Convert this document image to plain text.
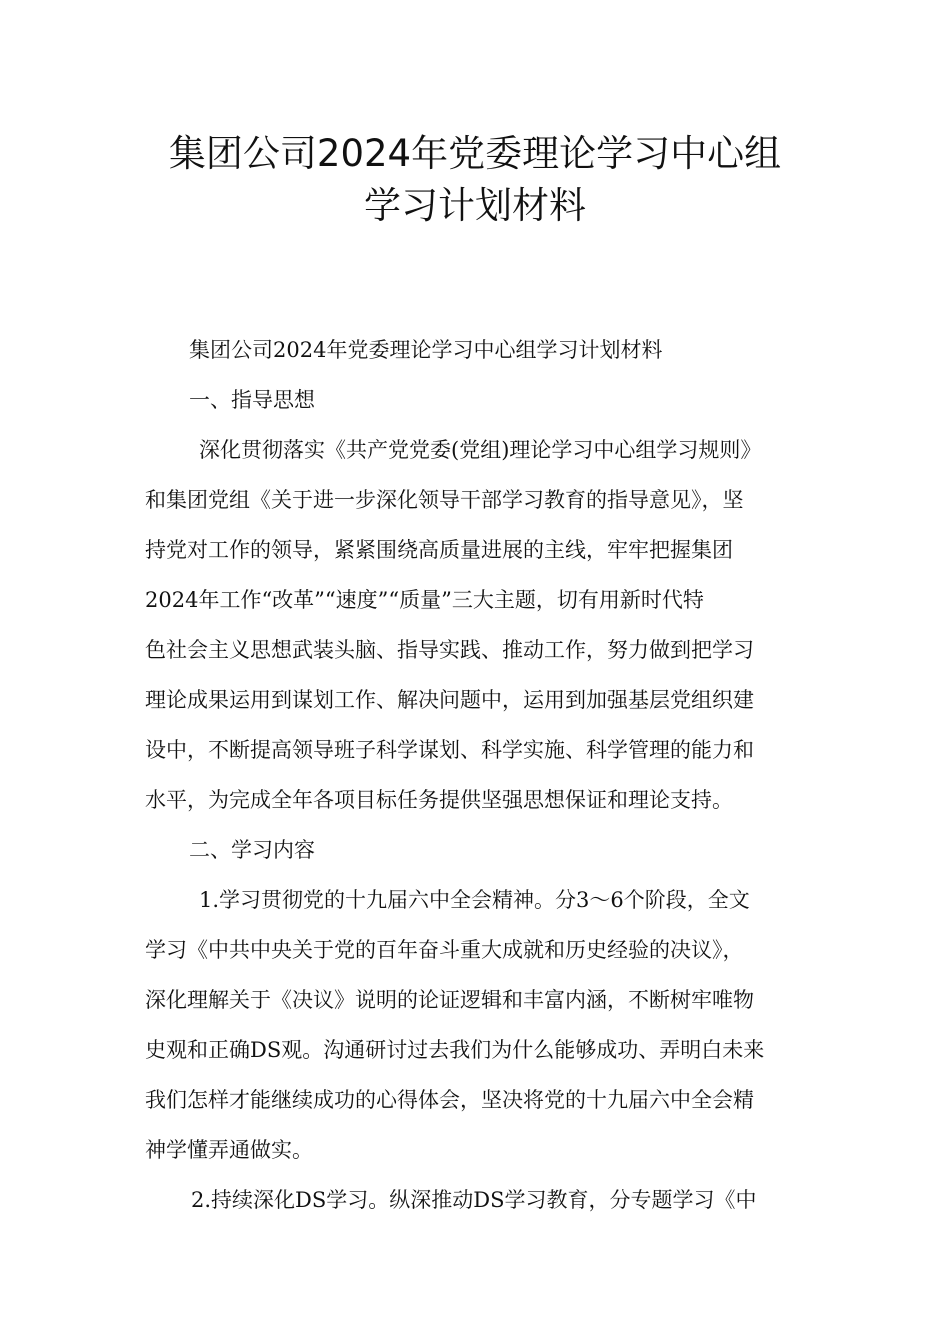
集团公司2024年党委理论学习中心组
学习计划材料
集团公司2024年党委理论学习中心组学习计划材料
一、指导思想
深化贯彻落实《共产党党委(党组)理论学习中心组学习规则》
和集团党组《关于进一步深化领导干部学习教育的指导意见》，坚
持党对工作的领导，紧紧围绕高质量进展的主线，牢牢把握集团
2024年工作“改革”“速度”“质量”三大主题，切有用新时代特
色社会主义思想武装头脑、指导实践、推动工作，努力做到把学习
理论成果运用到谋划工作、解决问题中，运用到加强基层党组织建
设中，不断提高领导班子科学谋划、科学实施、科学管理的能力和
水平，为完成全年各项目标任务提供坚强思想保证和理论支持。
二、学习内容
1.学习贯彻党的十九届六中全会精神。分3～6个阶段，全文
学习《中共中央关于党的百年奋斗重大成就和历史经验的决议》，
深化理解关于《决议》说明的论证逻辑和丰富内涵，不断树牢唯物
史观和正确DS观。沟通研讨过去我们为什么能够成功、弄明白未来
我们怎样才能继续成功的心得体会，坚决将党的十九届六中全会精
神学懂弄通做实。
2.持续深化DS学习。纵深推动DS学习教育，分专题学习《中
